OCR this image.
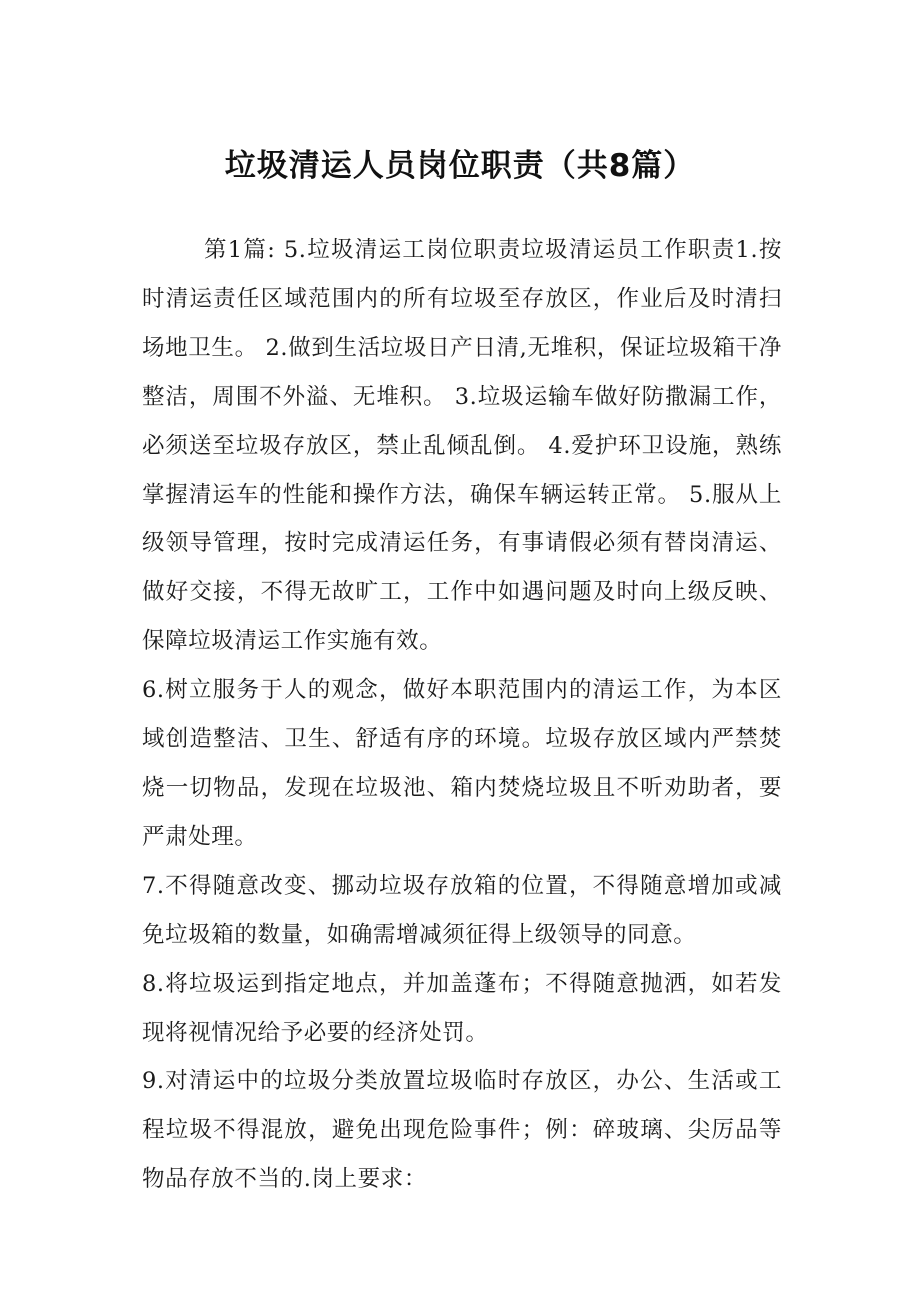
垃圾清运人员岗位职责（共8篇）

第1篇: 5.垃圾清运工岗位职责垃圾清运员工作职责1.按时清运责任区域范围内的所有垃圾至存放区，作业后及时清扫场地卫生。 2.做到生活垃圾日产日清,无堆积，保证垃圾箱干净整洁，周围不外溢、无堆积。 3.垃圾运输车做好防撒漏工作，必须送至垃圾存放区，禁止乱倾乱倒。 4.爱护环卫设施，熟练掌握清运车的性能和操作方法，确保车辆运转正常。 5.服从上级领导管理，按时完成清运任务，有事请假必须有替岗清运、做好交接，不得无故旷工，工作中如遇问题及时向上级反映、保障垃圾清运工作实施有效。

6.树立服务于人的观念，做好本职范围内的清运工作，为本区域创造整洁、卫生、舒适有序的环境。垃圾存放区域内严禁焚烧一切物品，发现在垃圾池、箱内焚烧垃圾且不听劝助者，要严肃处理。

7.不得随意改变、挪动垃圾存放箱的位置，不得随意增加或减免垃圾箱的数量，如确需增减须征得上级领导的同意。

8.将垃圾运到指定地点，并加盖蓬布；不得随意抛洒，如若发现将视情况给予必要的经济处罚。

9.对清运中的垃圾分类放置垃圾临时存放区，办公、生活或工程垃圾不得混放，避免出现危险事件；例：碎玻璃、尖厉品等物品存放不当的.岗上要求：
